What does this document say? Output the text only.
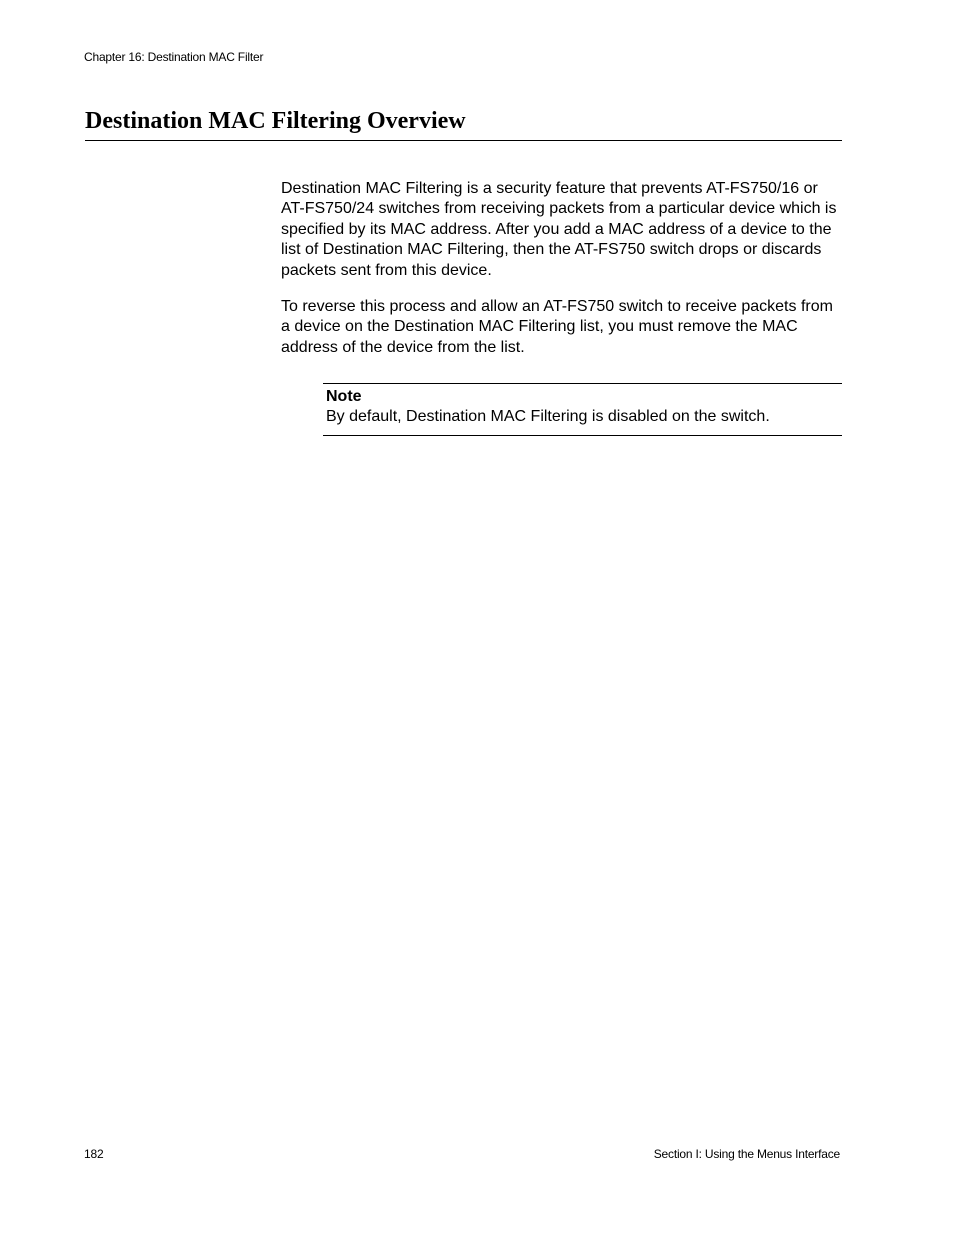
Chapter 16: Destination MAC Filter
Destination MAC Filtering Overview

Destination MAC Filtering is a security feature that prevents AT-FS750/16 or AT-FS750/24 switches from receiving packets from a particular device which is specified by its MAC address. After you add a MAC address of a device to the list of Destination MAC Filtering, then the AT-FS750 switch drops or discards packets sent from this device.

To reverse this process and allow an AT-FS750 switch to receive packets from a device on the Destination MAC Filtering list, you must remove the MAC address of the device from the list.

Note
By default, Destination MAC Filtering is disabled on the switch.
182	Section I: Using the Menus Interface
